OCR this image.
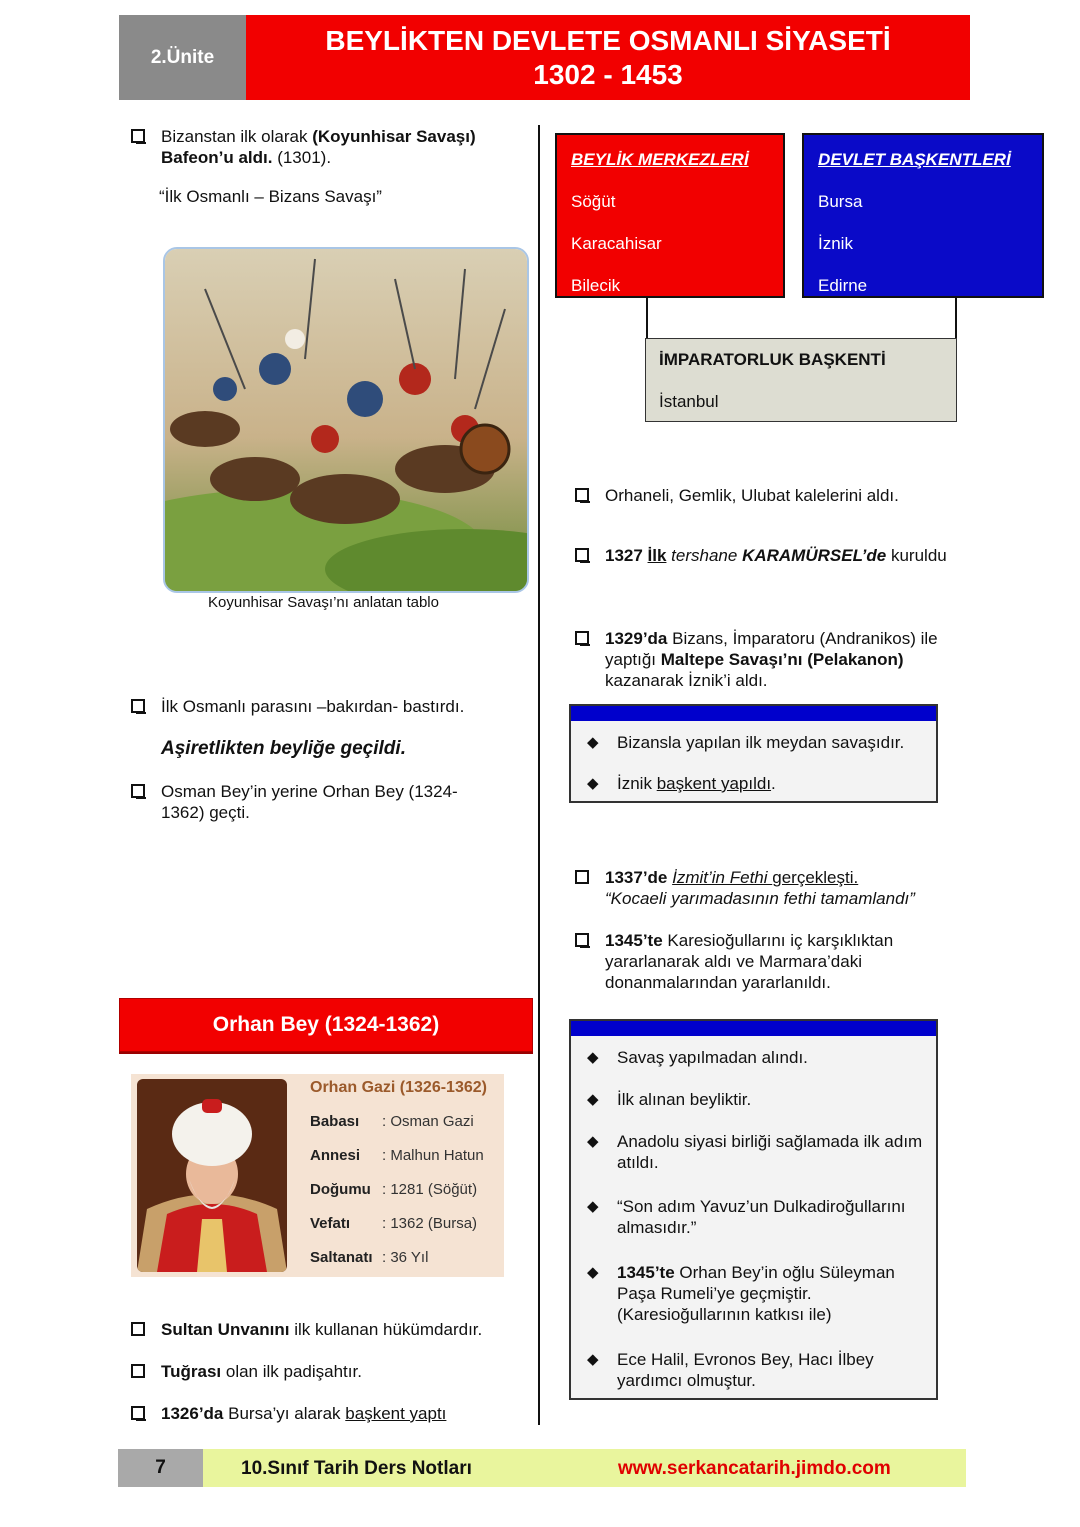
2.Ünite
BEYLİKTEN DEVLETE OSMANLI SİYASETİ
1302 - 1453
Bizanstan ilk olarak (Koyunhisar Savaşı) Bafeon’u aldı. (1301).
“İlk Osmanlı – Bizans Savaşı”
Koyunhisar Savaşı’nı anlatan tablo
İlk Osmanlı parasını –bakırdan- bastırdı.
Aşiretlikten beyliğe geçildi.
Osman Bey’in yerine Orhan Bey (1324-1362) geçti.
Orhan Bey (1324-1362)
Orhan Gazi (1326-1362)
Babası : Osman Gazi
Annesi : Malhun Hatun
Doğumu : 1281 (Söğüt)
Vefatı : 1362 (Bursa)
Saltanatı : 36 Yıl
Sultan Unvanını ilk kullanan hükümdardır.
Tuğrası olan ilk padişahtır.
1326’da Bursa’yı alarak başkent yaptı
BEYLİK MERKEZLERİ
Söğüt
Karacahisar
Bilecik
DEVLET BAŞKENTLERİ
Bursa
İznik
Edirne
İMPARATORLUK BAŞKENTİ
İstanbul
Orhaneli, Gemlik, Ulubat kalelerini aldı.
1327 İlk tershane KARAMÜRSEL’de kuruldu
1329’da Bizans, İmparatoru (Andranikos) ile yaptığı Maltepe Savaşı’nı (Pelakanon) kazanarak İznik’i aldı.
◆ Bizansla yapılan ilk meydan savaşıdır.
◆ İznik başkent yapıldı.
1337’de İzmit’in Fethi gerçekleşti.
“Kocaeli yarımadasının fethi tamamlandı”
1345’te Karesioğullarını iç karşıklıktan yararlanarak aldı ve Marmara’daki donanmalarından yararlanıldı.
◆ Savaş yapılmadan alındı.
◆ İlk alınan beyliktir.
◆ Anadolu siyasi birliği sağlamada ilk adım atıldı.
◆ “Son adım Yavuz’un Dulkadiroğullarını almasıdır.”
◆ 1345’te Orhan Bey’in oğlu Süleyman Paşa Rumeli’ye geçmiştir. (Karesioğullarının katkısı ile)
◆ Ece Halil, Evronos Bey, Hacı İlbey yardımcı olmuştur.
7	10.Sınıf Tarih Ders Notları	www.serkancatarih.jimdo.com
